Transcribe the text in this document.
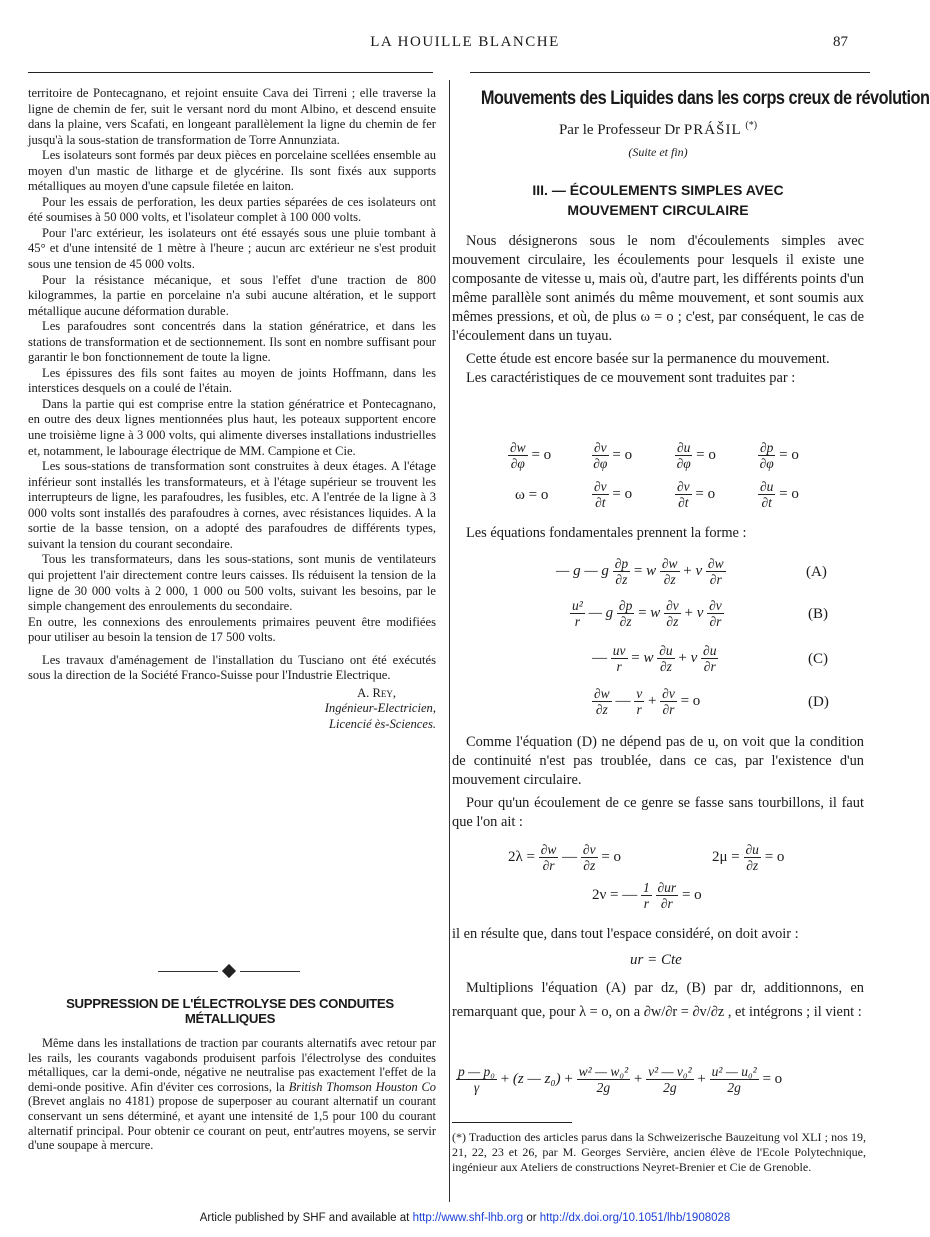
LA HOUILLE BLANCHE	87

territoire de Pontecagnano, et rejoint ensuite Cava dei Tirreni ; elle traverse la ligne de chemin de fer, suit le versant nord du mont Albino, et descend ensuite dans la plaine, vers Scafati, en longeant parallèlement la ligne du chemin de fer jusqu'à la sous-station de transformation de Torre Annunziata.

Les isolateurs sont formés par deux pièces en porcelaine scellées ensemble au moyen d'un mastic de litharge et de glycérine. Ils sont fixés aux supports métalliques au moyen d'une capsule filetée en laiton.

Pour les essais de perforation, les deux parties séparées de ces isolateurs ont été soumises à 50 000 volts, et l'isolateur complet à 100 000 volts.

Pour l'arc extérieur, les isolateurs ont été essayés sous une pluie tombant à 45° et d'une intensité de 1 mètre à l'heure ; aucun arc extérieur ne s'est produit sous une tension de 45 000 volts.

Pour la résistance mécanique, et sous l'effet d'une traction de 800 kilogrammes, la partie en porcelaine n'a subi aucune altération, et le support métallique aucune déformation durable.

Les parafoudres sont concentrés dans la station génératrice, et dans les stations de transformation et de sectionnement. Ils sont en nombre suffisant pour garantir le bon fonctionnement de toute la ligne.

Les épissures des fils sont faites au moyen de joints Hoffmann, dans les interstices desquels on a coulé de l'étain.

Dans la partie qui est comprise entre la station génératrice et Pontecagnano, en outre des deux lignes mentionnées plus haut, les poteaux supportent encore une troisième ligne à 3 000 volts, qui alimente diverses installations industrielles et, notamment, le labourage électrique de MM. Campione et Cie.

Les sous-stations de transformation sont construites à deux étages. A l'étage inférieur sont installés les transformateurs, et à l'étage supérieur se trouvent les interrupteurs de ligne, les parafoudres, les fusibles, etc. A l'entrée de la ligne à 3 000 volts sont installés des parafoudres à cornes, avec résistances liquides. A la sortie de la basse tension, on a adopté des parafoudres de différents types, suivant la tension du courant secondaire.

Tous les transformateurs, dans les sous-stations, sont munis de ventilateurs qui projettent l'air directement contre leurs caisses. Ils réduisent la tension de la ligne de 30 000 volts à 2 000, 1 000 ou 500 volts, suivant les besoins, par le simple changement des enroulements du secondaire.

En outre, les connexions des enroulements primaires peuvent être modifiées pour utiliser au besoin la tension de 17 500 volts.

Les travaux d'aménagement de l'installation du Tusciano ont été exécutés sous la direction de la Société Franco-Suisse pour l'Industrie Electrique.

A. Rey,
Ingénieur-Electricien,
Licencié ès-Sciences.
SUPPRESSION DE L'ÉLECTROLYSE DES CONDUITES MÉTALLIQUES

Même dans les installations de traction par courants alternatifs avec retour par les rails, les courants vagabonds produisent parfois l'électrolyse des conduites métalliques, car la demi-onde, négative ne neutralise pas exactement l'effet de la demi-onde positive. Afin d'éviter ces corrosions, la British Thomson Houston Co (Brevet anglais no 4181) propose de superposer au courant alternatif un courant conservant un sens déterminé, et ayant une intensité de 1,5 pour 100 du courant alternatif principal. Pour obtenir ce courant on peut, entr'autres moyens, se servir d'une soupape à mercure.

Mouvements des Liquides dans les corps creux de révolution
Par le Professeur Dr PRÁŠIL (*)
(Suite et fin)
III. — ÉCOULEMENTS SIMPLES AVEC
MOUVEMENT CIRCULAIRE

Nous désignerons sous le nom d'écoulements simples avec mouvement circulaire, les écoulements pour lesquels il existe une composante de vitesse u, mais où, d'autre part, les différents points d'un même parallèle sont animés du même mouvement, et sont soumis aux mêmes pressions, et où, de plus ω = o ; c'est, par conséquent, le cas de l'écoulement dans un tuyau.

Cette étude est encore basée sur la permanence du mouvement.

Les caractéristiques de ce mouvement sont traduites par :

$\frac{\partial w}{\partial\varphi} = o$	$\frac{\partial v}{\partial\varphi} = o$	$\frac{\partial u}{\partial\varphi} = o$	$\frac{\partial p}{\partial\varphi} = o$
ω = o	$\frac{\partial v}{\partial t} = o$	$\frac{\partial v}{\partial t} = o$	$\frac{\partial u}{\partial t} = o$

Les équations fondamentales prennent la forme :

— g — g $\frac{\partial p}{\partial z} = w \frac{\partial w}{\partial z} + v \frac{\partial w}{\partial r}$	(A)
$\frac{\text{u²}}{r}$ — g $\frac{\partial p}{\partial z} = w \frac{\partial v}{\partial z} + v \frac{\partial v}{\partial r}$	(B)
— $\frac{uv}{r} = w \frac{\partial u}{\partial z} + v \frac{\partial u}{\partial r}$	(C)
$\frac{\partial w}{\partial z}$ — $\frac{v}{r} + \frac{\partial v}{\partial r} = o$	(D)

Comme l'équation (D) ne dépend pas de u, on voit que la condition de continuité n'est pas troublée, dans ce cas, par l'existence d'un mouvement circulaire.

Pour qu'un écoulement de ce genre se fasse sans tourbillons, il faut que l'on ait :

$2\lambda = \frac{\partial w}{\partial r}$ — $\frac{\partial v}{\partial z} = o$	$2\mu = \frac{\partial u}{\partial z} = o$
2ν = — $\frac{1}{r}$
$\frac{\partial ur}{\partial r} = o$

il en résulte que, dans tout l'espace considéré, on doit avoir :

ur = Cte

Multiplions l'équation (A) par dz, (B) par dr, additionnons, en remarquant que, pour λ = o, on a ∂w/∂r = ∂v/∂z , et intégrons ; il vient :

$\frac{\text{p — p₀}}{\gamma} + (z$ — $z_0) + \frac{\text{w² — w₀²}}{2g} + \frac{\text{v² — v₀²}}{2g} + \frac{\text{u² — u₀²}}{2g} = o$
(*) Traduction des articles parus dans la Schweizerische Bauzeitung vol XLI ; nos 19, 21, 22, 23 et 26, par M. Georges Servière, ancien élève de l'Ecole Polytechnique, ingénieur aux Ateliers de constructions Neyret-Brenier et Cie de Grenoble.
Article published by SHF and available at http://www.shf-lhb.org or http://dx.doi.org/10.1051/lhb/1908028
